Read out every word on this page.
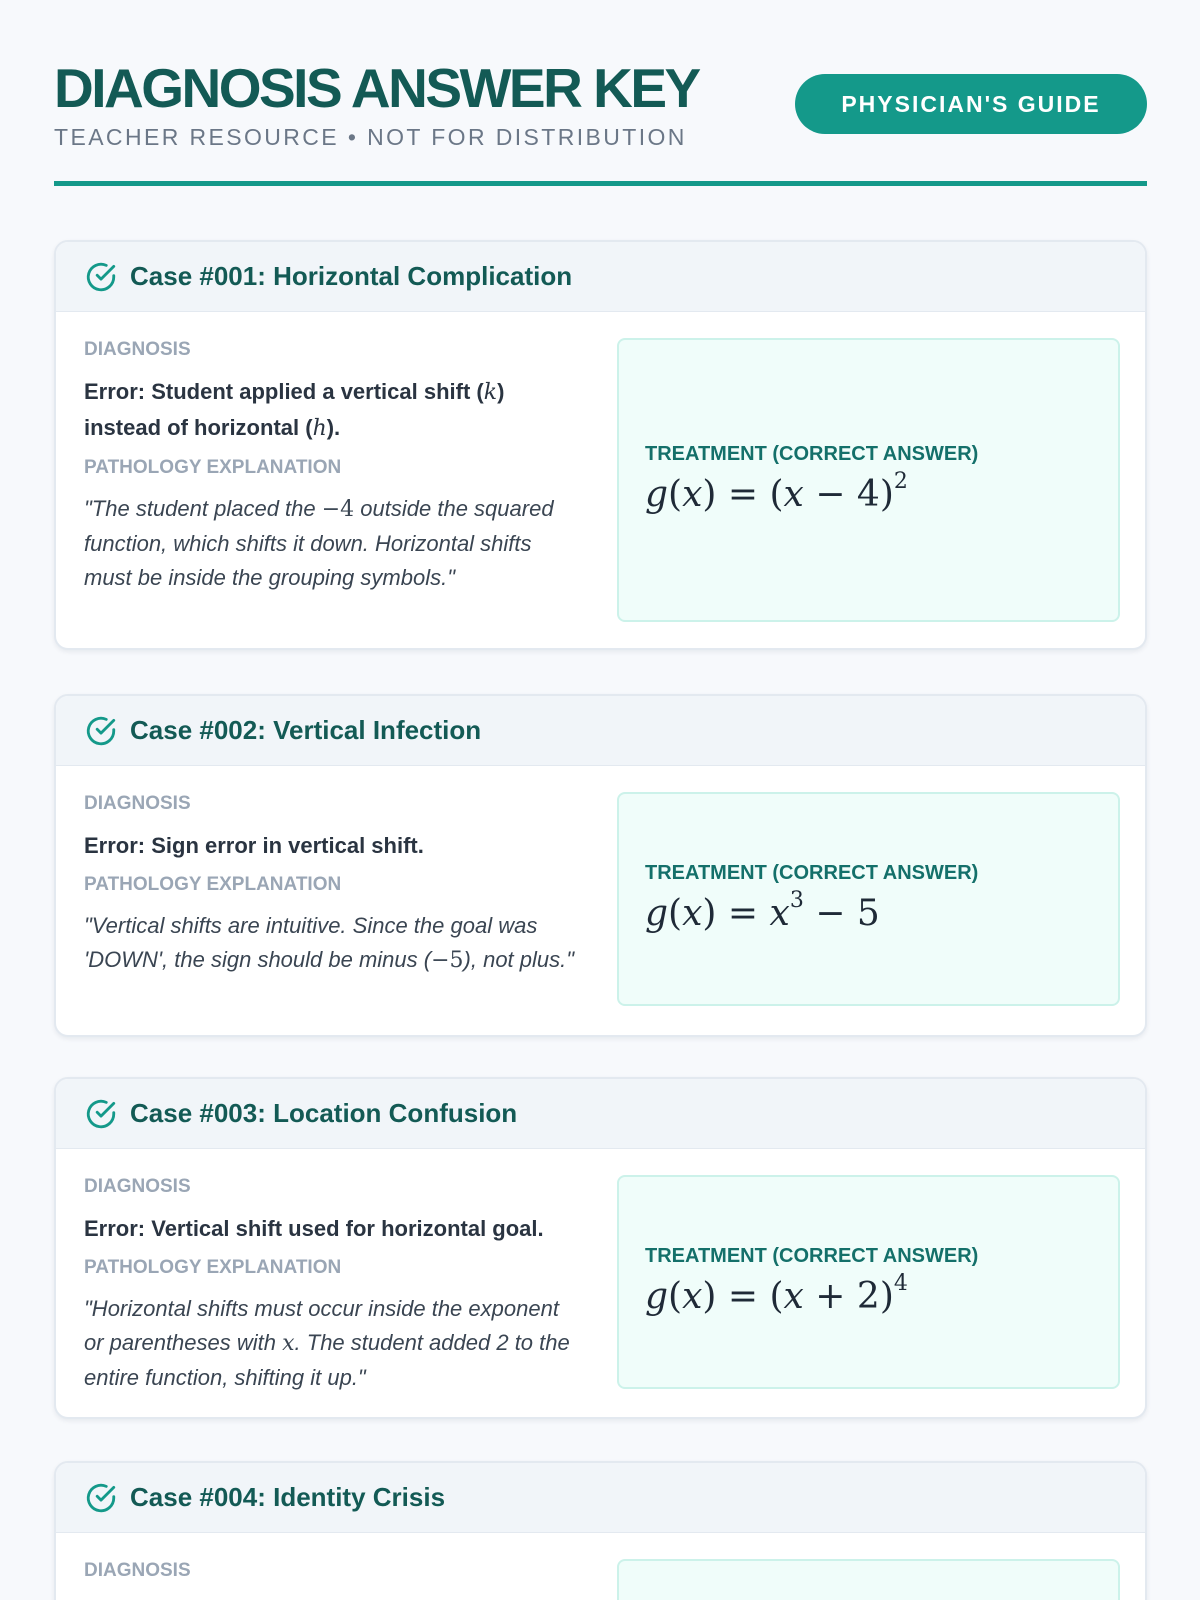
DIAGNOSIS ANSWER KEY
TEACHER RESOURCE • NOT FOR DISTRIBUTION
PHYSICIAN'S GUIDE
Case #001: Horizontal Complication
DIAGNOSIS
Error: Student applied a vertical shift (k) instead of horizontal (h).
PATHOLOGY EXPLANATION
"The student placed the −4 outside the squared function, which shifts it down. Horizontal shifts must be inside the grouping symbols."
TREATMENT (CORRECT ANSWER)
$g(x) = (x - 4)^2$
Case #002: Vertical Infection
DIAGNOSIS
Error: Sign error in vertical shift.
PATHOLOGY EXPLANATION
"Vertical shifts are intuitive. Since the goal was 'DOWN', the sign should be minus (−5), not plus."
TREATMENT (CORRECT ANSWER)
$g(x) = x^3 - 5$
Case #003: Location Confusion
DIAGNOSIS
Error: Vertical shift used for horizontal goal.
PATHOLOGY EXPLANATION
"Horizontal shifts must occur inside the exponent or parentheses with x. The student added 2 to the entire function, shifting it up."
TREATMENT (CORRECT ANSWER)
$g(x) = (x + 2)^4$
Case #004: Identity Crisis
DIAGNOSIS
